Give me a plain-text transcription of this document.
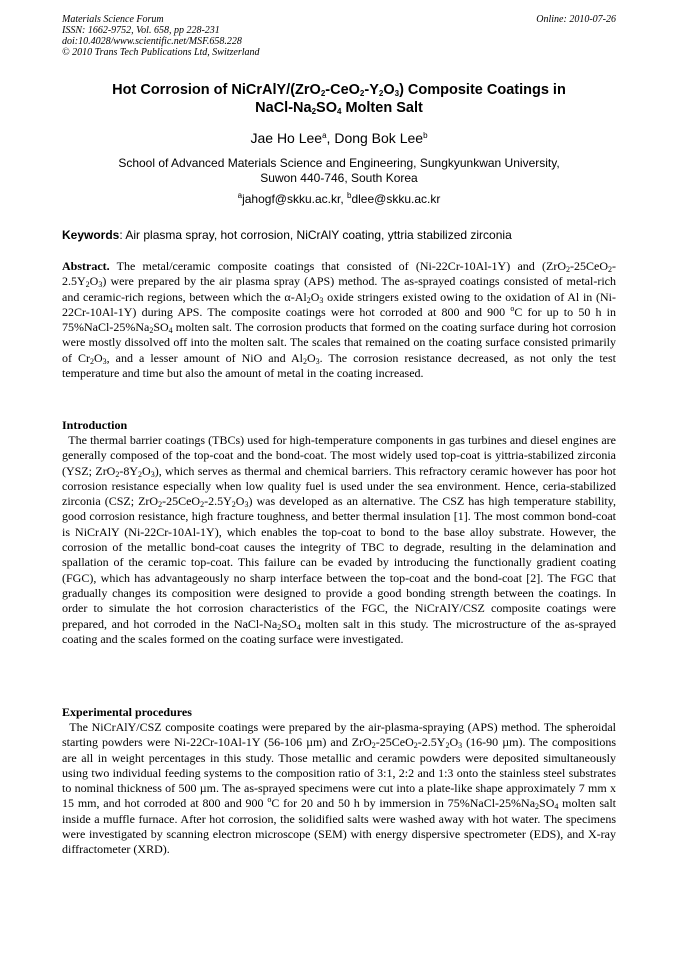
Materials Science Forum
ISSN: 1662-9752, Vol. 658, pp 228-231
doi:10.4028/www.scientific.net/MSF.658.228
© 2010 Trans Tech Publications Ltd, Switzerland
Online: 2010-07-26
Hot Corrosion of NiCrAlY/$(ZrO_2-CeO_2-Y_2O_3)$ Composite Coatings in
NaCl-$Na_2SO_4$ Molten Salt
Jae Ho Lee$^a$, Dong Bok Lee$^b$
School of Advanced Materials Science and Engineering, Sungkyunkwan University,
Suwon 440-746, South Korea
$^a$jahogf@skku.ac.kr, $^b$dlee@skku.ac.kr
Keywords: Air plasma spray, hot corrosion, NiCrAlY coating, yttria stabilized zirconia
Abstract. The metal/ceramic composite coatings that consisted of (Ni-22Cr-10Al-1Y) and $(ZrO_2-25CeO_2-2.5Y_2O_3)$ were prepared by the air plasma spray (APS) method. The as-sprayed coatings consisted of metal-rich and ceramic-rich regions, between which the $\alpha-Al_2O_3$ oxide stringers existed owing to the oxidation of Al in (Ni-22Cr-10Al-1Y) during APS. The composite coatings were hot corroded at 800 and 900 $^o$C for up to 50 h in $75\%NaCl-25\%Na_2SO_4$ molten salt. The corrosion products that formed on the coating surface during hot corrosion were mostly dissolved off into the molten salt. The scales that remained on the coating surface consisted primarily of $Cr_2O_3$, and a lesser amount of NiO and $Al_2O_3$. The corrosion resistance decreased, as not only the test temperature and time but also the amount of metal in the coating increased.
Introduction
The thermal barrier coatings (TBCs) used for high-temperature components in gas turbines and diesel engines are generally composed of the top-coat and the bond-coat. The most widely used top-coat is yittria-stabilized zirconia (YSZ; $ZrO_2-8Y_2O_3$), which serves as thermal and chemical barriers. This refractory ceramic however has poor hot corrosion resistance especially when low quality fuel is used under the sea environment. Hence, ceria-stabilized zirconia (CSZ; $ZrO_2-25CeO_2-2.5Y_2O_3$) was developed as an alternative. The CSZ has high temperature stability, good corrosion resistance, high fracture toughness, and better thermal insulation [1]. The most common bond-coat is NiCrAlY (Ni-22Cr-10Al-1Y), which enables the top-coat to bond to the base alloy substrate. However, the corrosion of the metallic bond-coat causes the integrity of TBC to degrade, resulting in the delamination and spallation of the ceramic top-coat. This failure can be evaded by introducing the functionally gradient coating (FGC), which has advantageously no sharp interface between the top-coat and the bond-coat [2]. The FGC that gradually changes its composition were designed to provide a good bonding strength between the coatings. In order to simulate the hot corrosion characteristics of the FGC, the NiCrAlY/CSZ composite coatings were prepared, and hot corroded in the NaCl-$Na_2SO_4$ molten salt in this study. The microstructure of the as-sprayed coating and the scales formed on the coating surface were investigated.
Experimental procedures
The NiCrAlY/CSZ composite coatings were prepared by the air-plasma-spraying (APS) method. The spheroidal starting powders were Ni-22Cr-10Al-1Y (56-106 µm) and $ZrO_2-25CeO_2-2.5Y_2O_3$ (16-90 µm). The compositions are all in weight percentages in this study. Those metallic and ceramic powders were deposited simultaneously using two individual feeding systems to the composition ratio of 3:1, 2:2 and 1:3 onto the stainless steel substrates to nominal thickness of 500 µm. The as-sprayed specimens were cut into a plate-like shape approximately 7 mm x 15 mm, and hot corroded at 800 and 900 $^o$C for 20 and 50 h by immersion in $75\%NaCl-25\%Na_2SO_4$ molten salt inside a muffle furnace. After hot corrosion, the solidified salts were washed away with hot water. The specimens were investigated by scanning electron microscope (SEM) with energy dispersive spectrometer (EDS), and X-ray diffractometer (XRD).
